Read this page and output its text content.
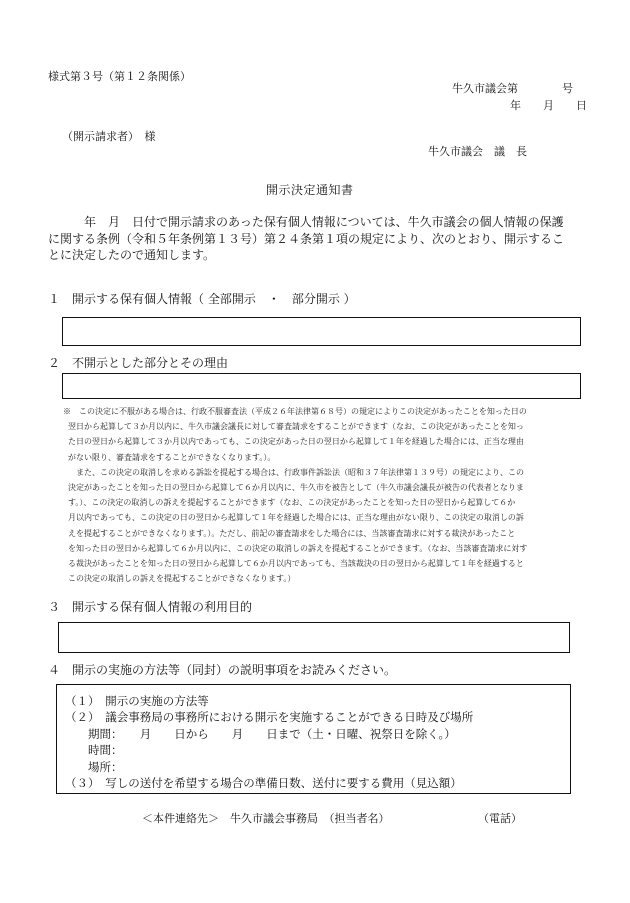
様式第３号（第１２条関係）
牛久市議会第　　　　号
年　　月　　日
（開示請求者）　様
牛久市議会　議　長
開示決定通知書

　　　年　月　日付で開示請求のあった保有個人情報については、牛久市議会の個人情報の保護

に関する条例（令和５年条例第１３号）第２４条第１項の規定により、次のとおり、開示するこ

とに決定したので通知します。

１　開示する保有個人情報（ 全部開示　・　部分開示 ）
２　不開示とした部分とその理由
※　この決定に不服がある場合は、行政不服審査法（平成２６年法律第６８号）の規定によりこの決定があったことを知った日の
翌日から起算して３か月以内に、牛久市議会議長に対して審査請求をすることができます（なお、この決定があったことを知っ
た日の翌日から起算して３か月以内であっても、この決定があった日の翌日から起算して１年を経過した場合には、正当な理由
がない限り、審査請求をすることができなくなります。）。
　また、この決定の取消しを求める訴訟を提起する場合は、行政事件訴訟法（昭和３７年法律第１３９号）の規定により、この
決定があったことを知った日の翌日から起算して６か月以内に、牛久市を被告として（牛久市議会議長が被告の代表者となりま
す。）、この決定の取消しの訴えを提起することができます（なお、この決定があったことを知った日の翌日から起算して６か
月以内であっても、この決定の日の翌日から起算して１年を経過した場合には、正当な理由がない限り、この決定の取消しの訴
えを提起することができなくなります。）。ただし、前記の審査請求をした場合には、当該審査請求に対する裁決があったこと
を知った日の翌日から起算して６か月以内に、この決定の取消しの訴えを提起することができます。（なお、当該審査請求に対す
る裁決があったことを知った日の翌日から起算して６か月以内であっても、当該裁決の日の翌日から起算して１年を経過すると
この決定の取消しの訴えを提起することができなくなります。）
３　開示する保有個人情報の利用目的
４　開示の実施の方法等（同封）の説明事項をお読みください。
（１）　開示の実施の方法等
（２）　議会事務局の事務所における開示を実施することができる日時及び場所
　　期間：　　月　　日から　　月　　日まで（土・日曜、祝祭日を除く。）
　　時間：
　　場所：
（３）　写しの送付を希望する場合の準備日数、送付に要する費用（見込額）
＜本件連絡先＞　牛久市議会事務局　（担当者名）	（電話）
